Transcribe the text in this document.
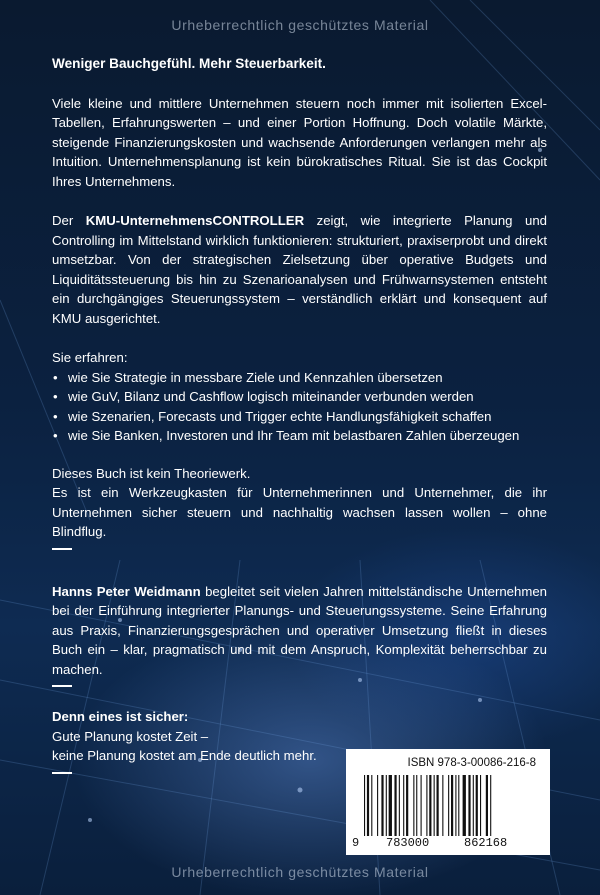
Urheberrechtlich geschütztes Material

Weniger Bauchgefühl. Mehr Steuerbarkeit.

Viele kleine und mittlere Unternehmen steuern noch immer mit isolierten Excel-Tabellen, Erfahrungswerten – und einer Portion Hoffnung. Doch volatile Märkte, steigende Finanzierungskosten und wachsende Anforderungen verlangen mehr als Intuition. Unternehmensplanung ist kein bürokratisches Ritual. Sie ist das Cockpit Ihres Unternehmens.

Der KMU-UnternehmensCONTROLLER zeigt, wie integrierte Planung und Controlling im Mittelstand wirklich funktionieren: strukturiert, praxiserprobt und direkt umsetzbar. Von der strategischen Zielsetzung über operative Budgets und Liquiditätssteuerung bis hin zu Szenarioanalysen und Frühwarnsystemen entsteht ein durchgängiges Steuerungssystem – verständlich erklärt und konsequent auf KMU ausgerichtet.

Sie erfahren:

• wie Sie Strategie in messbare Ziele und Kennzahlen übersetzen
• wie GuV, Bilanz und Cashflow logisch miteinander verbunden werden
• wie Szenarien, Forecasts und Trigger echte Handlungsfähigkeit schaffen
• wie Sie Banken, Investoren und Ihr Team mit belastbaren Zahlen überzeugen

Dieses Buch ist kein Theoriewerk.

Es ist ein Werkzeugkasten für Unternehmerinnen und Unternehmer, die ihr Unternehmen sicher steuern und nachhaltig wachsen lassen wollen – ohne Blindflug.

Hanns Peter Weidmann begleitet seit vielen Jahren mittelständische Unternehmen bei der Einführung integrierter Planungs- und Steuerungssysteme. Seine Erfahrung aus Praxis, Finanzierungsgesprächen und operativer Umsetzung fließt in dieses Buch ein – klar, pragmatisch und mit dem Anspruch, Komplexität beherrschbar zu machen.

Denn eines ist sicher:

Gute Planung kostet Zeit –

keine Planung kostet am Ende deutlich mehr.	ISBN 978-3-00086-216-8
9 783000	862168
Urheberrechtlich geschütztes Material
